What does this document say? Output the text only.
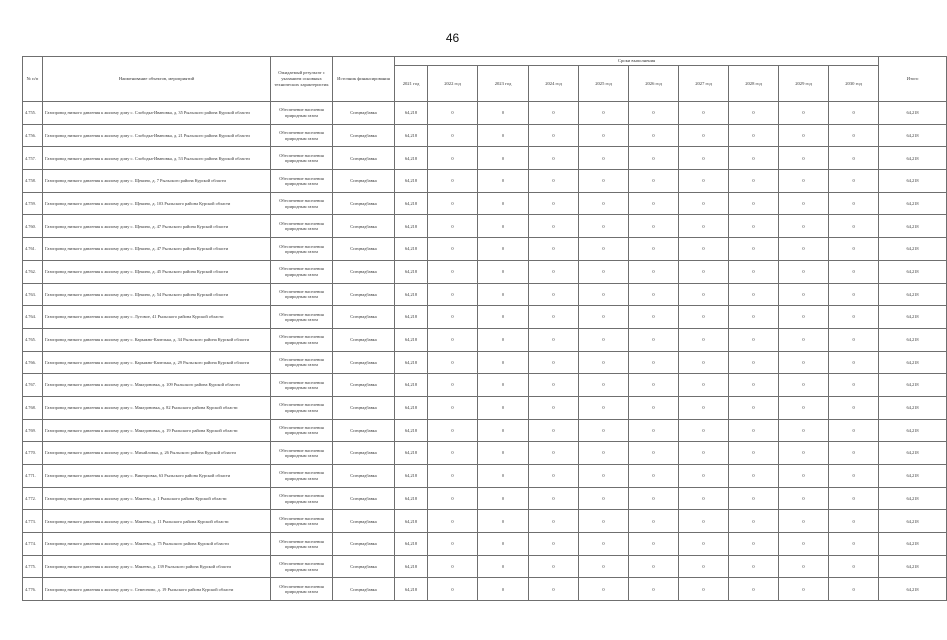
46
№ п/п	Наименование объектов, мероприятий	Ожидаемый результат с указанием основных технических характеристик	Источник финансирования	Сроки выполнения										Итого
				2021 год	2022 год	2023 год	2024 год	2025 год	2026 год	2027 год	2028 год	2029 год	2030 год	
4.755.	Газопровод низкого давления к жилому дому с. Слободка-Ивановка, д. 35 Рыльского района Курской области	Обеспечение населения природным газом	Спецнадбавка	64,218	0	0	0	0	0	0	0	0	0	64,218
4.756.	Газопровод низкого давления к жилому дому с. Слободка-Ивановка, д. 21 Рыльского района Курской области	Обеспечение населения природным газом	Спецнадбавка	64,218	0	0	0	0	0	0	0	0	0	64,218
4.757.	Газопровод низкого давления к жилому дому с. Слободка-Ивановка, д. 53 Рыльского района Курской области	Обеспечение населения природным газом	Спецнадбавка	64,218	0	0	0	0	0	0	0	0	0	64,218
4.758.	Газопровод низкого давления к жилому дому с. Щекино, д. 7 Рыльского района Курской области	Обеспечение населения природным газом	Спецнадбавка	64,218	0	0	0	0	0	0	0	0	0	64,218
4.759.	Газопровод низкого давления к жилому дому с. Щекино, д. 103 Рыльского района Курской области	Обеспечение населения природным газом	Спецнадбавка	64,218	0	0	0	0	0	0	0	0	0	64,218
4.760.	Газопровод низкого давления к жилому дому с. Щекино, д. 47 Рыльского района Курской области	Обеспечение населения природным газом	Спецнадбавка	64,218	0	0	0	0	0	0	0	0	0	64,218
4.761.	Газопровод низкого давления к жилому дому с. Щекино, д. 47 Рыльского района Курской области	Обеспечение населения природным газом	Спецнадбавка	64,218	0	0	0	0	0	0	0	0	0	64,218
4.762.	Газопровод низкого давления к жилому дому с. Щекино, д. 45 Рыльского района Курской области	Обеспечение населения природным газом	Спецнадбавка	64,218	0	0	0	0	0	0	0	0	0	64,218
4.763.	Газопровод низкого давления к жилому дому с. Щекино, д. 54 Рыльского района Курской области	Обеспечение населения природным газом	Спецнадбавка	64,218	0	0	0	0	0	0	0	0	0	64,218
4.764.	Газопровод низкого давления к жилому дому с. Луговое, 41 Рыльского района Курской области	Обеспечение населения природным газом	Спецнадбавка	64,218	0	0	0	0	0	0	0	0	0	64,218
4.765.	Газопровод низкого давления к жилому дому с. Карыжно-Капелька, д. 34 Рыльского района Курской области	Обеспечение населения природным газом	Спецнадбавка	64,218	0	0	0	0	0	0	0	0	0	64,218
4.766.	Газопровод низкого давления к жилому дому с. Карыжно-Капелька, д. 29 Рыльского района Курской области	Обеспечение населения природным газом	Спецнадбавка	64,218	0	0	0	0	0	0	0	0	0	64,218
4.767.	Газопровод низкого давления к жилому дому с. Македоновка, д. 109 Рыльского района Курской области	Обеспечение населения природным газом	Спецнадбавка	64,218	0	0	0	0	0	0	0	0	0	64,218
4.768.	Газопровод низкого давления к жилому дому с. Македоновка, д. 82 Рыльского района Курской области	Обеспечение населения природным газом	Спецнадбавка	64,218	0	0	0	0	0	0	0	0	0	64,218
4.769.	Газопровод низкого давления к жилому дому с. Македоновка, д. 19 Рыльского района Курской области	Обеспечение населения природным газом	Спецнадбавка	64,218	0	0	0	0	0	0	0	0	0	64,218
4.770.	Газопровод низкого давления к жилому дому с. Михайловка, д. 26 Рыльского района Курской области	Обеспечение населения природным газом	Спецнадбавка	64,218	0	0	0	0	0	0	0	0	0	64,218
4.771.	Газопровод низкого давления к жилому дому с. Викторовка, 63 Рыльского района Курской области	Обеспечение населения природным газом	Спецнадбавка	64,218	0	0	0	0	0	0	0	0	0	64,218
4.772.	Газопровод низкого давления к жилому дому с. Макеево, д. 1 Рыльского района Курской области	Обеспечение населения природным газом	Спецнадбавка	64,218	0	0	0	0	0	0	0	0	0	64,218
4.773.	Газопровод низкого давления к жилому дому с. Макеево, д. 11 Рыльского района Курской области	Обеспечение населения природным газом	Спецнадбавка	64,218	0	0	0	0	0	0	0	0	0	64,218
4.774.	Газопровод низкого давления к жилому дому с. Макеево, д. 75 Рыльского района Курской области	Обеспечение населения природным газом	Спецнадбавка	64,218	0	0	0	0	0	0	0	0	0	64,218
4.775.	Газопровод низкого давления к жилому дому с. Макеево, д. 139 Рыльского района Курской области	Обеспечение населения природным газом	Спецнадбавка	64,218	0	0	0	0	0	0	0	0	0	64,218
4.776.	Газопровод низкого давления к жилому дому с. Семеоново, д. 19 Рыльского района Курской области	Обеспечение населения природным газом	Спецнадбавка	64,218	0	0	0	0	0	0	0	0	0	64,218
